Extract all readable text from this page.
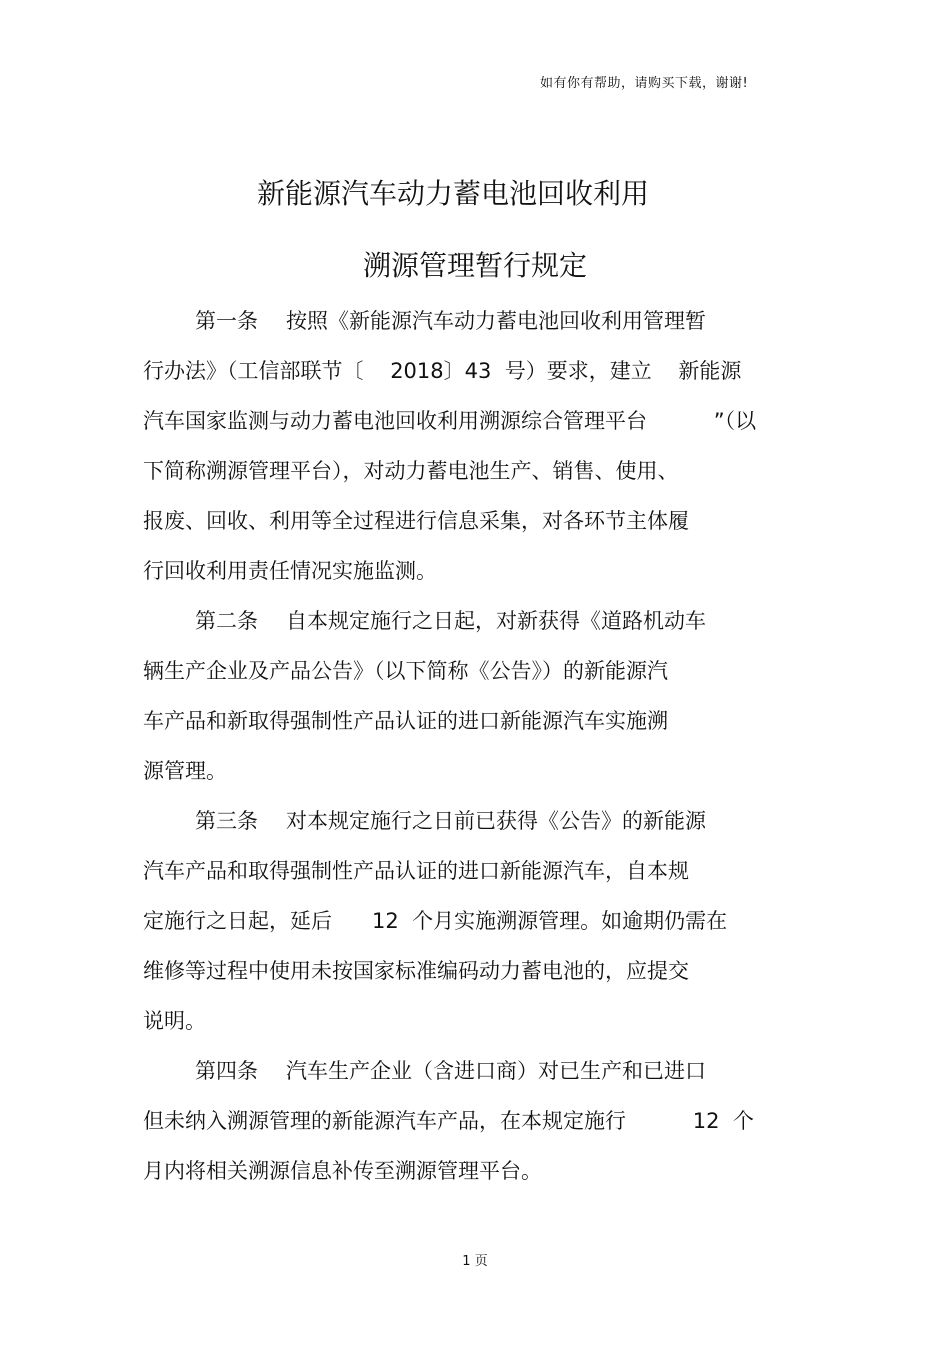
如有你有帮助，请购买下载，谢谢!
新能源汽车动力蓄电池回收利用
溯源管理暂行规定
第一条 按照《新能源汽车动力蓄电池回收利用管理暂
行办法》（工信部联节〔    2018〕43  号）要求，建立    新能源
汽车国家监测与动力蓄电池回收利用溯源综合管理平台          ”（以
下简称溯源管理平台），对动力蓄电池生产、销售、使用、
报废、回收、利用等全过程进行信息采集，对各环节主体履
行回收利用责任情况实施监测。
第二条 自本规定施行之日起，对新获得《道路机动车
辆生产企业及产品公告》（以下简称《公告》）的新能源汽
车产品和新取得强制性产品认证的进口新能源汽车实施溯
源管理。
第三条 对本规定施行之日前已获得《公告》的新能源
汽车产品和取得强制性产品认证的进口新能源汽车，自本规
定施行之日起，延后      12  个月实施溯源管理。如逾期仍需在
维修等过程中使用未按国家标准编码动力蓄电池的，应提交
说明。
第四条 汽车生产企业（含进口商）对已生产和已进口
但未纳入溯源管理的新能源汽车产品，在本规定施行          12  个
月内将相关溯源信息补传至溯源管理平台。
1 页
